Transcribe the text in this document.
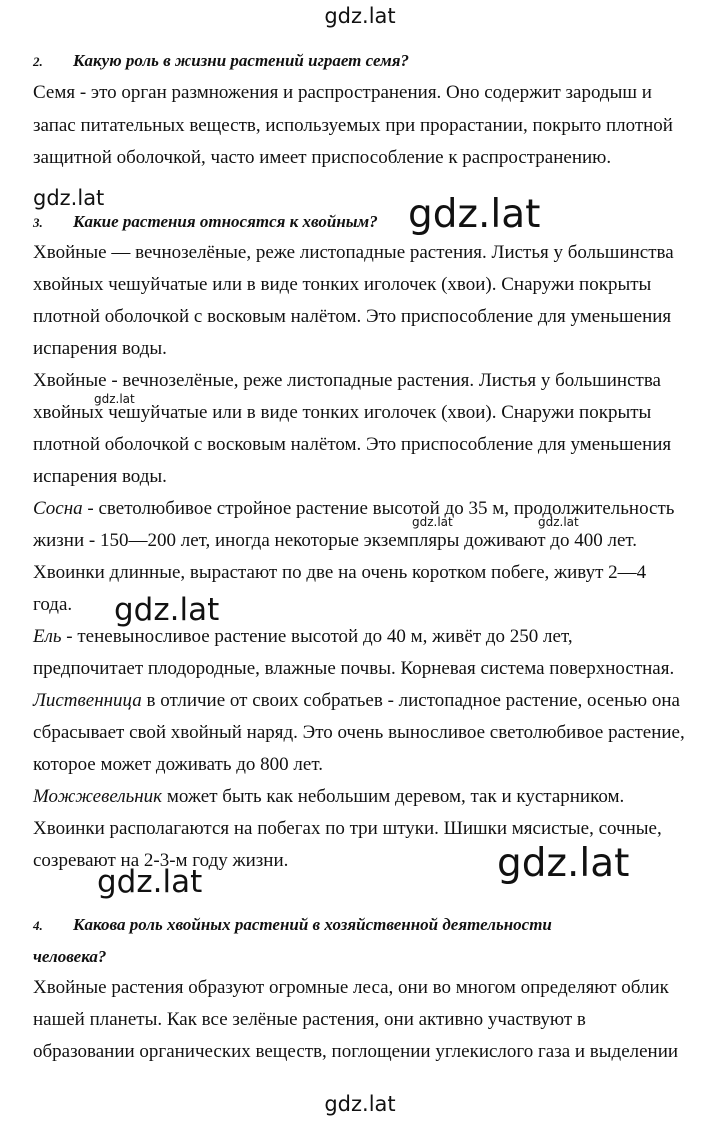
gdz.lat
gdz.lat	gdz.lat
gdz.lat
gdz.lat	gdz.lat
gdz.lat
gdz.lat
gdz.lat
gdz.lat
2. Какую роль в жизни растений играет семя?
Семя - это орган размножения и распространения. Оно содержит зародыш и
запас питательных веществ, используемых при прорастании, покрыто плотной
защитной оболочкой, часто имеет приспособление к распространению.
3. Какие растения относятся к хвойным?
Хвойные — вечнозелёные, реже листопадные растения. Листья у большинства
хвойных чешуйчатые или в виде тонких иголочек (хвои). Снаружи покрыты
плотной оболочкой с восковым налётом. Это приспособление для уменьшения
испарения воды.
Хвойные - вечнозелёные, реже листопадные растения. Листья у большинства
хвойных чешуйчатые или в виде тонких иголочек (хвои). Снаружи покрыты
плотной оболочкой с восковым налётом. Это приспособление для уменьшения
испарения воды.
Сосна - светолюбивое стройное растение высотой до 35 м, продолжительность
жизни - 150—200 лет, иногда некоторые экземпляры доживают до 400 лет.
Хвоинки длинные, вырастают по две на очень коротком побеге, живут 2—4
года.
Ель - теневыносливое растение высотой до 40 м, живёт до 250 лет,
предпочитает плодородные, влажные почвы. Корневая система поверхностная.
Лиственница в отличие от своих собратьев - листопадное растение, осенью она
сбрасывает свой хвойный наряд. Это очень выносливое светолюбивое растение,
которое может доживать до 800 лет.
Можжевельник может быть как небольшим деревом, так и кустарником.
Хвоинки располагаются на побегах по три штуки. Шишки мясистые, сочные,
созревают на 2-3-м году жизни.
4. Какова роль хвойных растений в хозяйственной деятельности
человека?
Хвойные растения образуют огромные леса, они во многом определяют облик
нашей планеты. Как все зелёные растения, они активно участвуют в
образовании органических веществ, поглощении углекислого газа и выделении
